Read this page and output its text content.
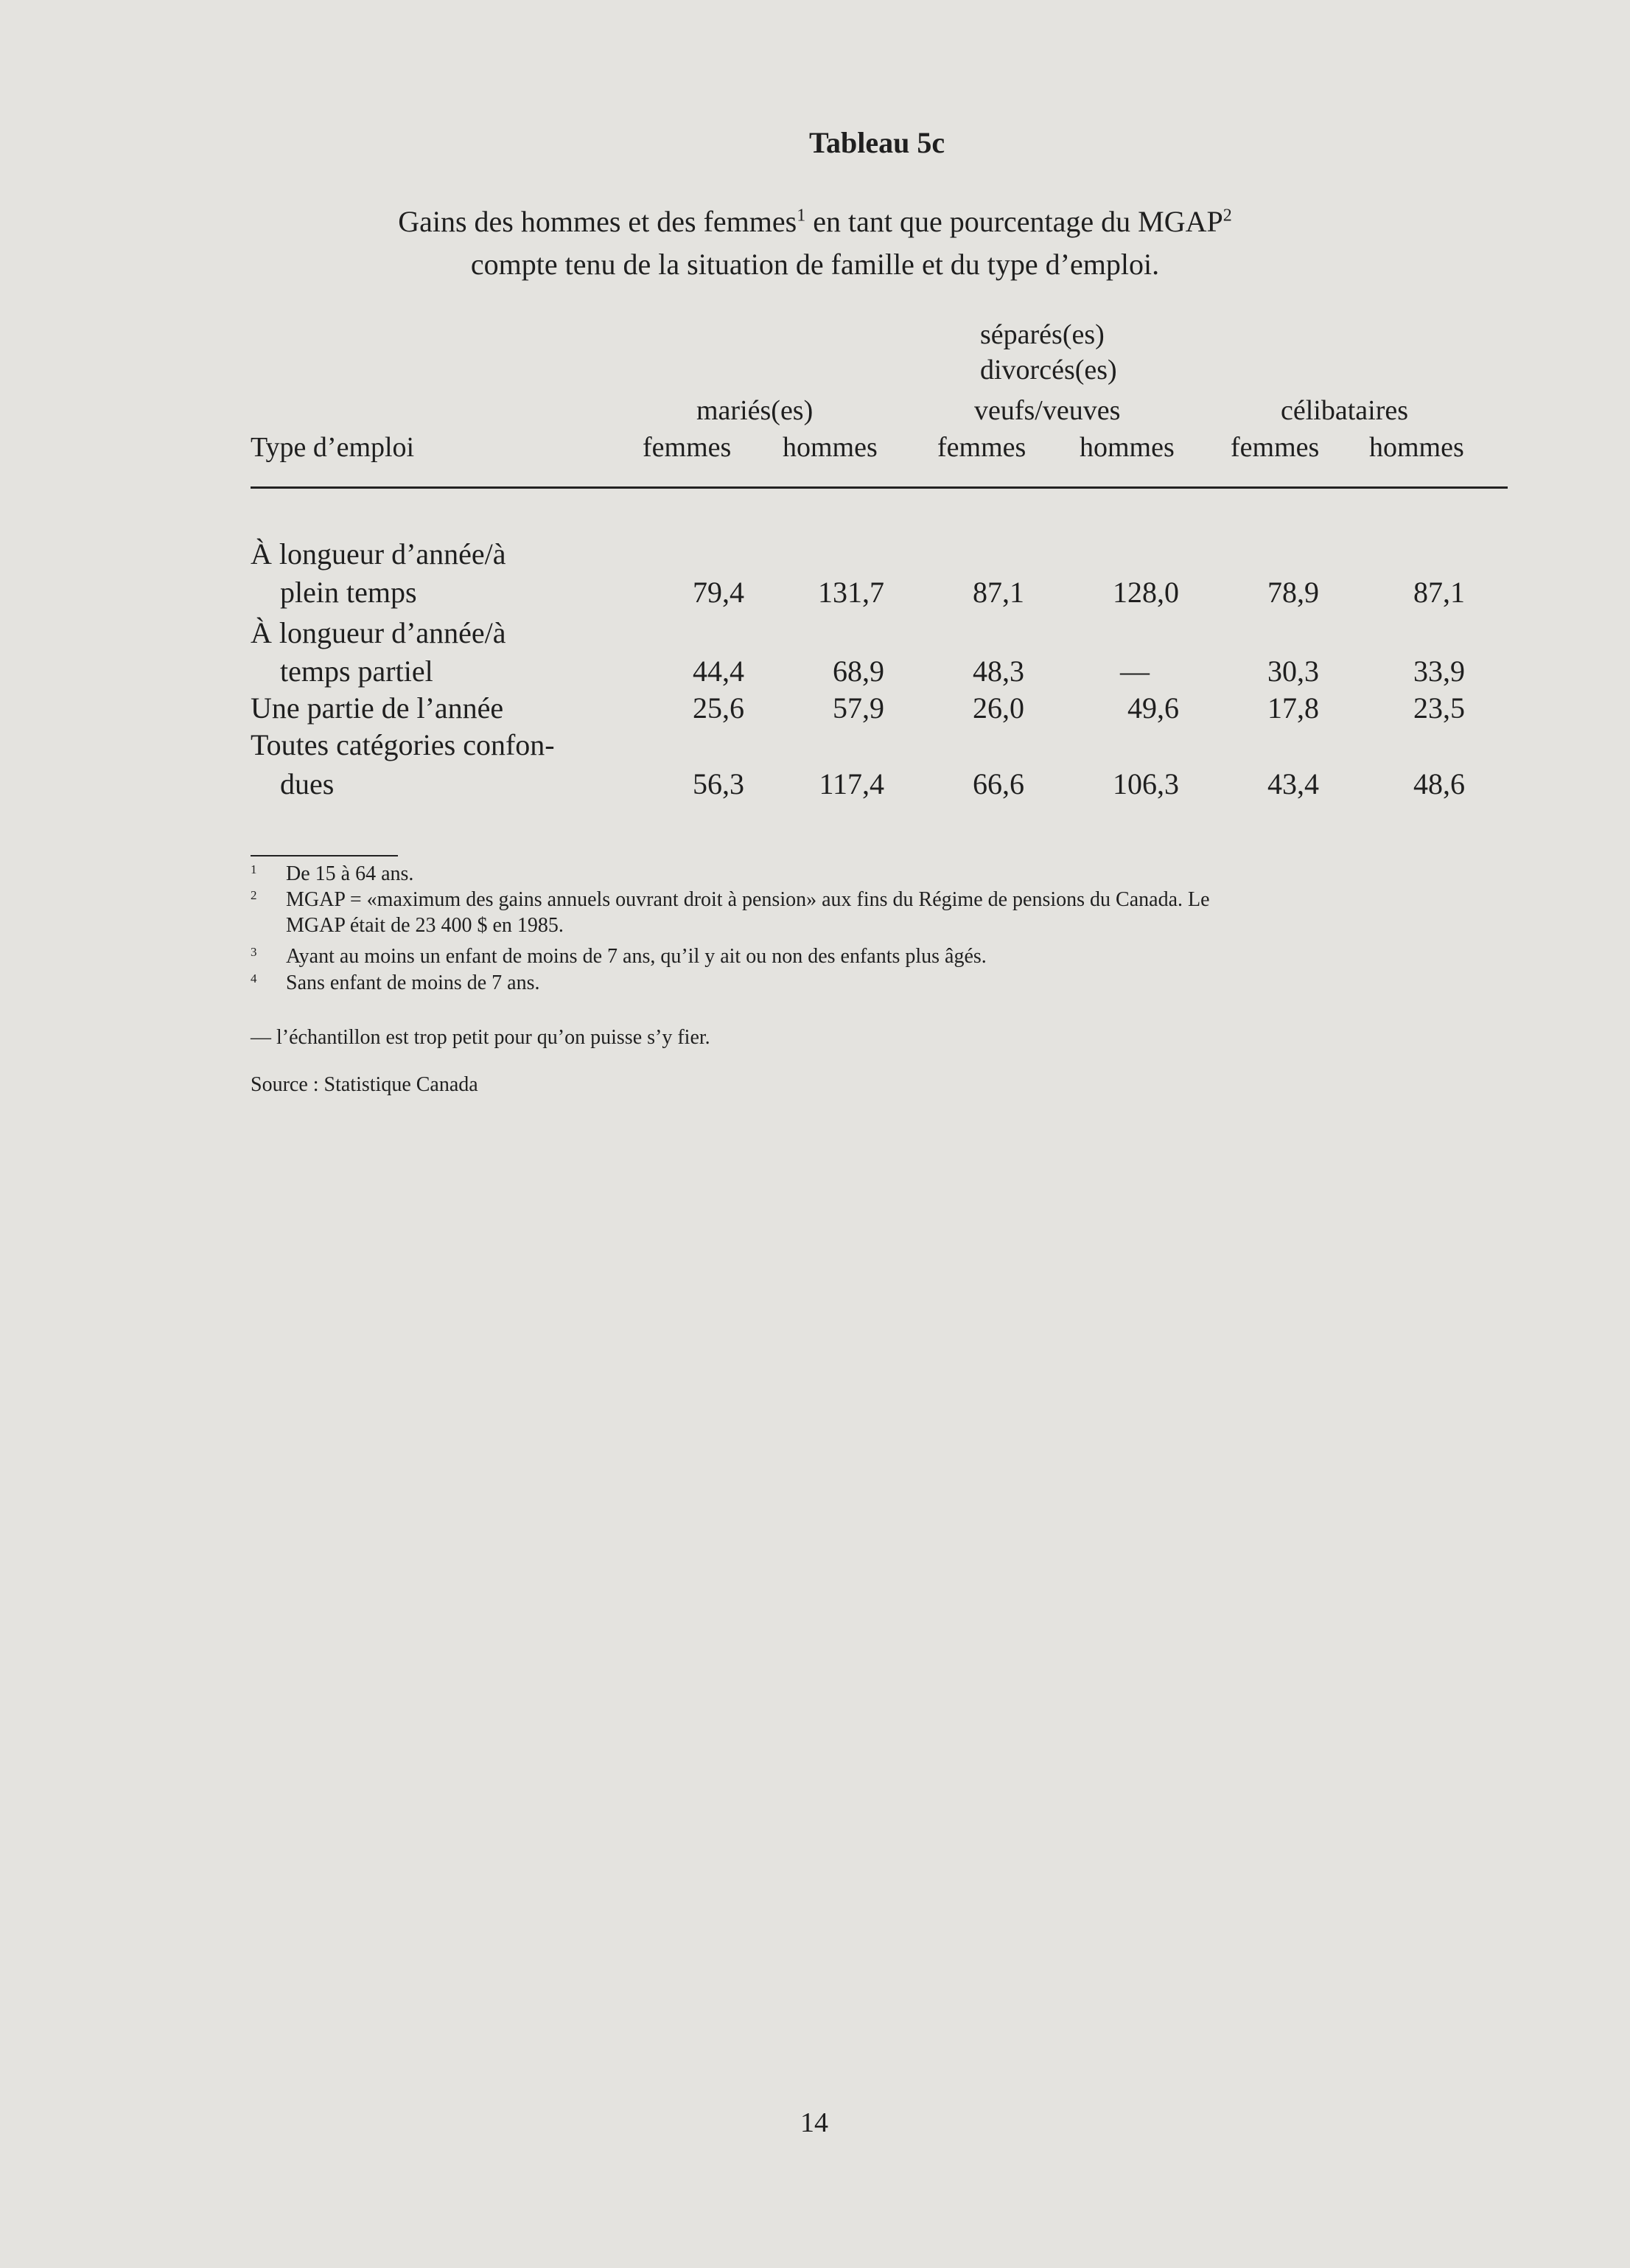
Tableau 5c
Gains des hommes et des femmes$^1$ en tant que pourcentage du MGAP$^2$
compte tenu de la situation de famille et du type d’emploi.
séparés(es)
divorcés(es)
mariés(es)	veufs/veuves	célibataires
Type d’emploi	femmes hommes femmes hommes femmes hommes
À longueur d’année/à
plein temps	79,4	131,7	87,1	128,0	78,9	87,1
À longueur d’année/à
temps partiel	44,4	68,9	48,3	—	30,3	33,9
Une partie de l’année	25,6	57,9	26,0	49,6	17,8	23,5
Toutes catégories confon-
dues	56,3	117,4	66,6	106,3	43,4	48,6
1 De 15 à 64 ans.
2 MGAP = «maximum des gains annuels ouvrant droit à pension» aux fins du Régime de pensions du Canada. Le
MGAP était de 23 400 $ en 1985.
3 Ayant au moins un enfant de moins de 7 ans, qu’il y ait ou non des enfants plus âgés.
4 Sans enfant de moins de 7 ans.
— l’échantillon est trop petit pour qu’on puisse s’y fier.
Source : Statistique Canada
14
